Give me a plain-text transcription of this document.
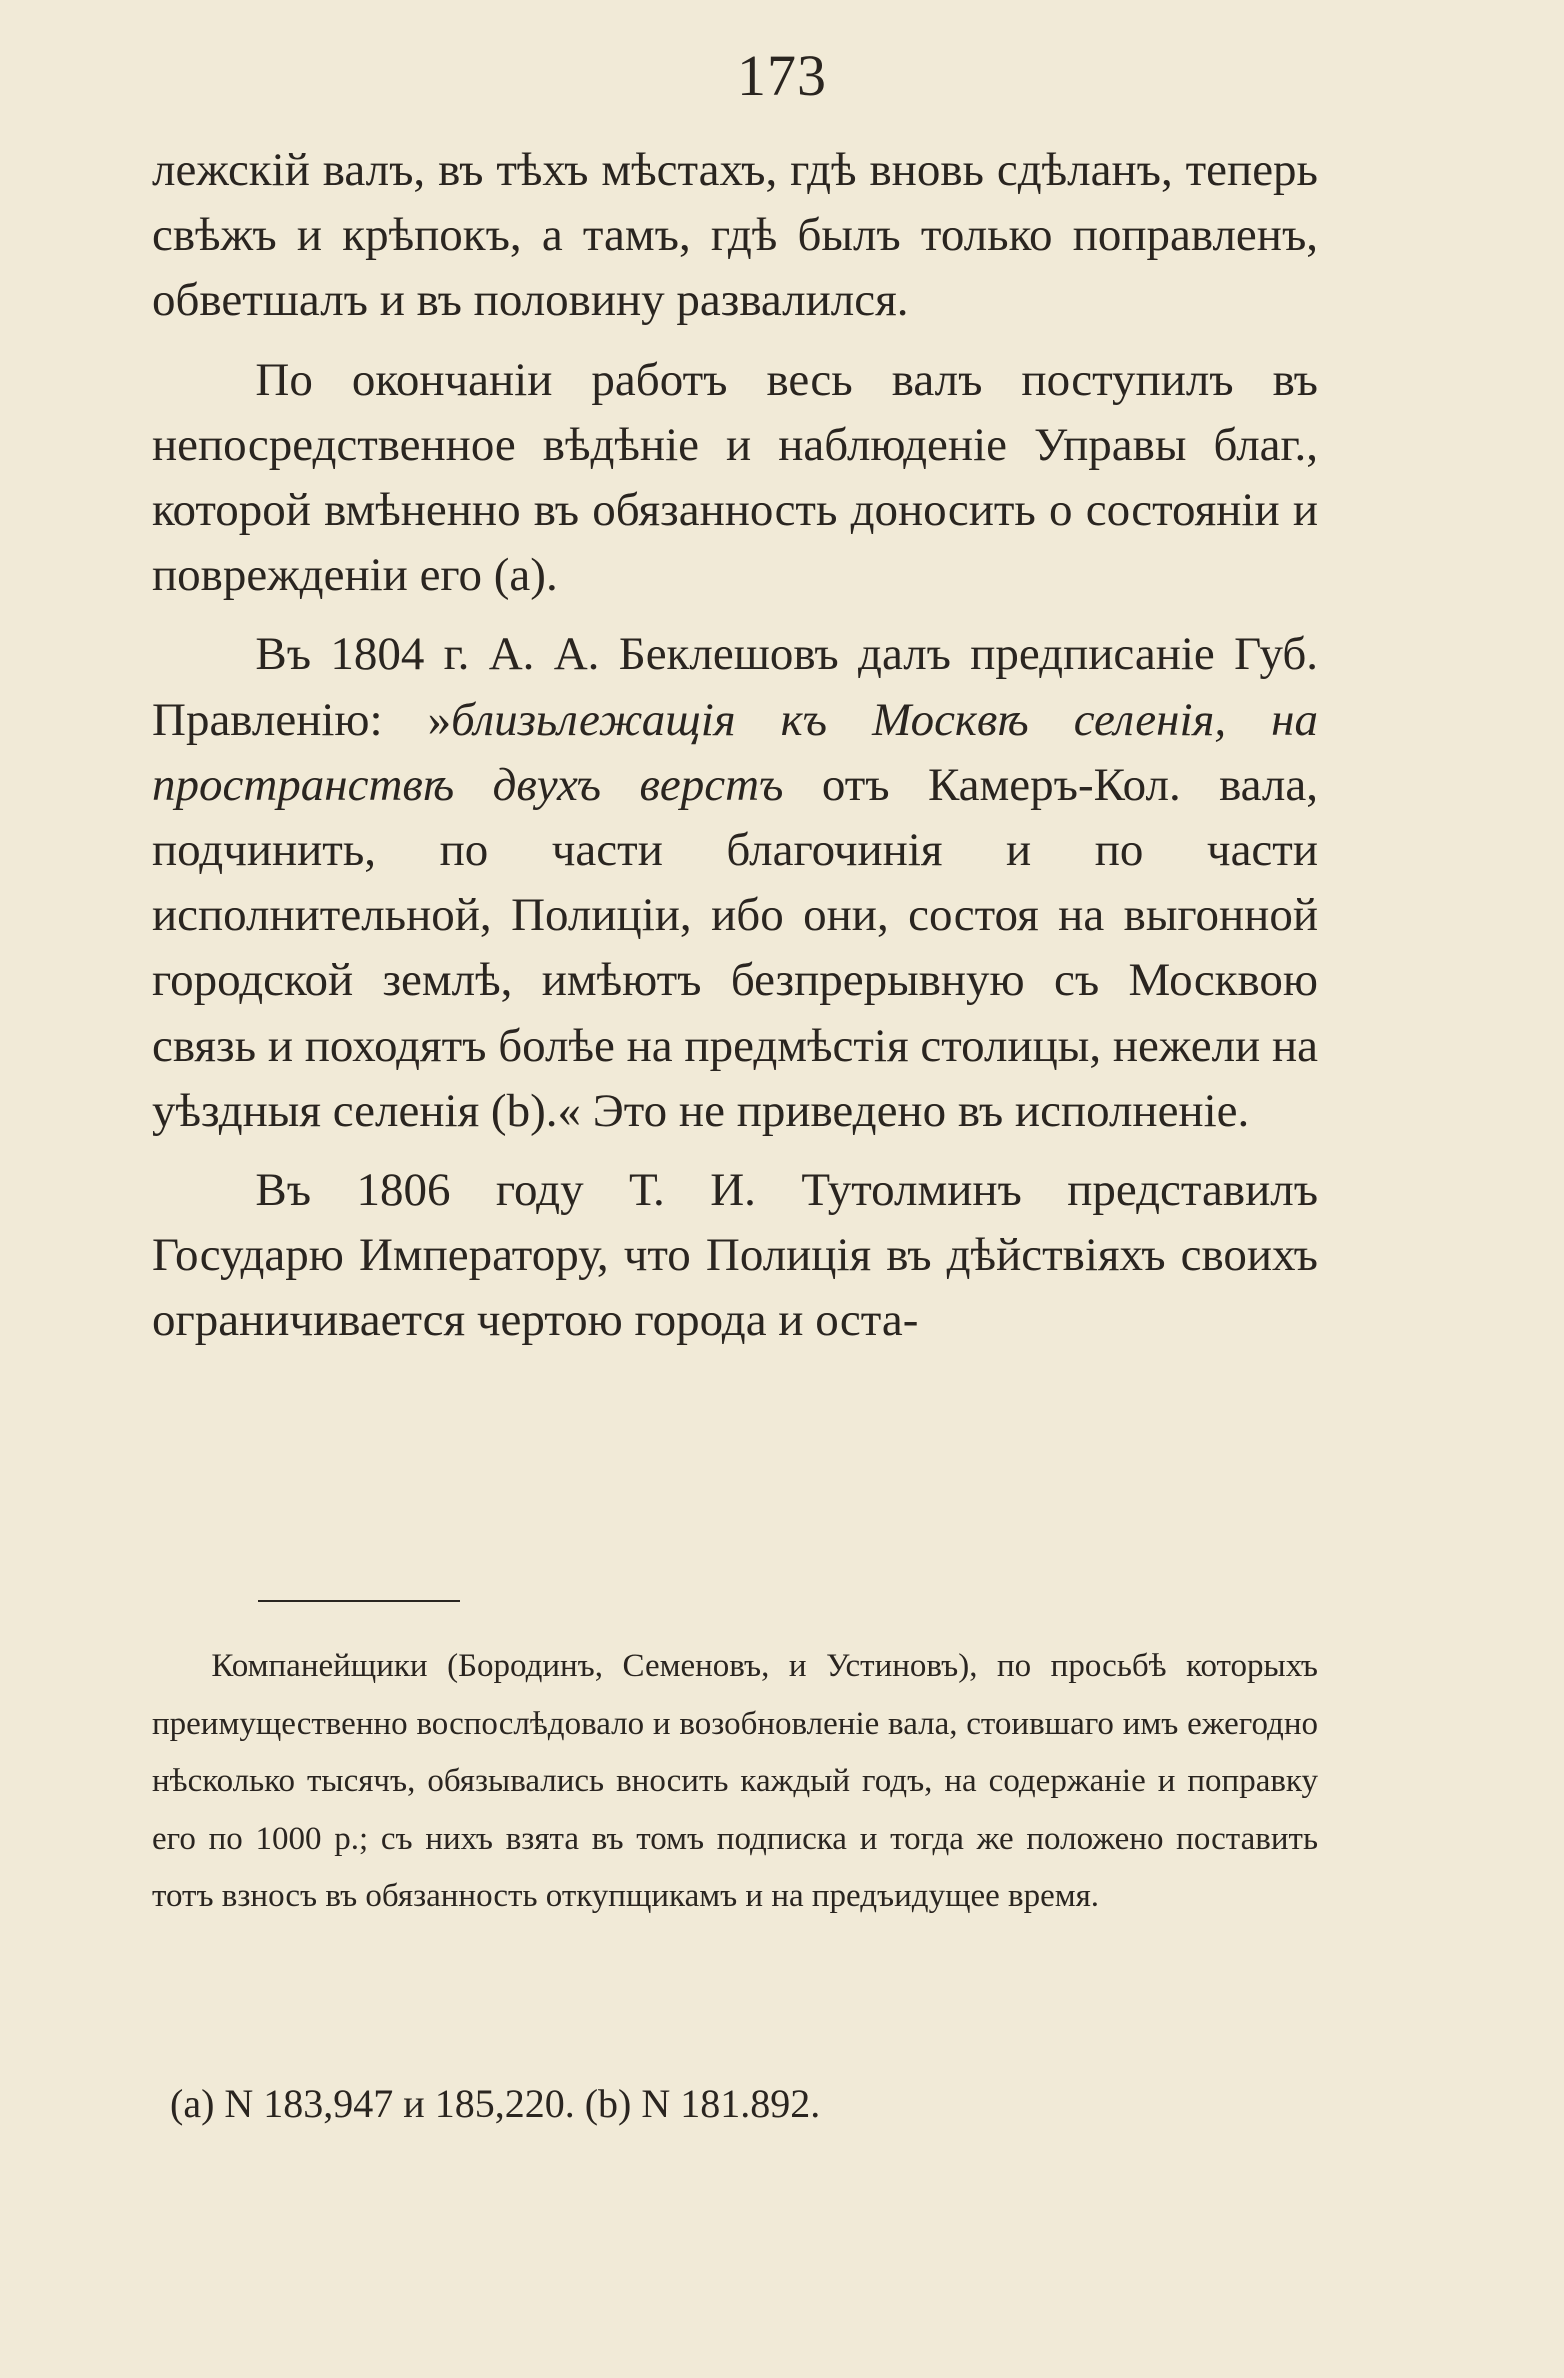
173

лежскій валъ, въ тѣхъ мѣстахъ, гдѣ вновь сдѣланъ, теперь свѣжъ и крѣпокъ, а тамъ, гдѣ былъ только поправленъ, обветшалъ и въ половину развалился.

По окончаніи работъ весь валъ поступилъ въ непосредственное вѣдѣніе и наблюденіе Управы благ., которой вмѣненно въ обязанность доносить о состояніи и поврежденіи его (а).

Въ 1804 г. А. А. Беклешовъ далъ предписаніе Губ. Правленію: »близьлежащія къ Москвѣ селенія, на пространствѣ двухъ верстъ отъ Камеръ-Кол. вала, подчинить, по части благочинія и по части исполнительной, Полиціи, ибо они, состоя на выгонной городской землѣ, имѣютъ безпрерывную съ Москвою связь и походятъ болѣе на предмѣстія столицы, нежели на уѣздныя селенія (b).« Это не приведено въ исполненіе.

Въ 1806 году Т. И. Тутолминъ представилъ Государю Императору, что Полиція въ дѣйствіяхъ своихъ ограничивается чертою города и оста-

Компанейщики (Бородинъ, Семеновъ, и Устиновъ), по просьбѣ которыхъ преимущественно воспослѣдовало и возобновленіе вала, стоившаго имъ ежегодно нѣсколько тысячъ, обязывались вносить каждый годъ, на содержаніе и поправку его по 1000 р.; съ нихъ взята въ томъ подписка и тогда же положено поставить тотъ взносъ въ обязанность откупщикамъ и на предъидущее время.

(a) N 183,947 и 185,220. (b) N 181.892.
